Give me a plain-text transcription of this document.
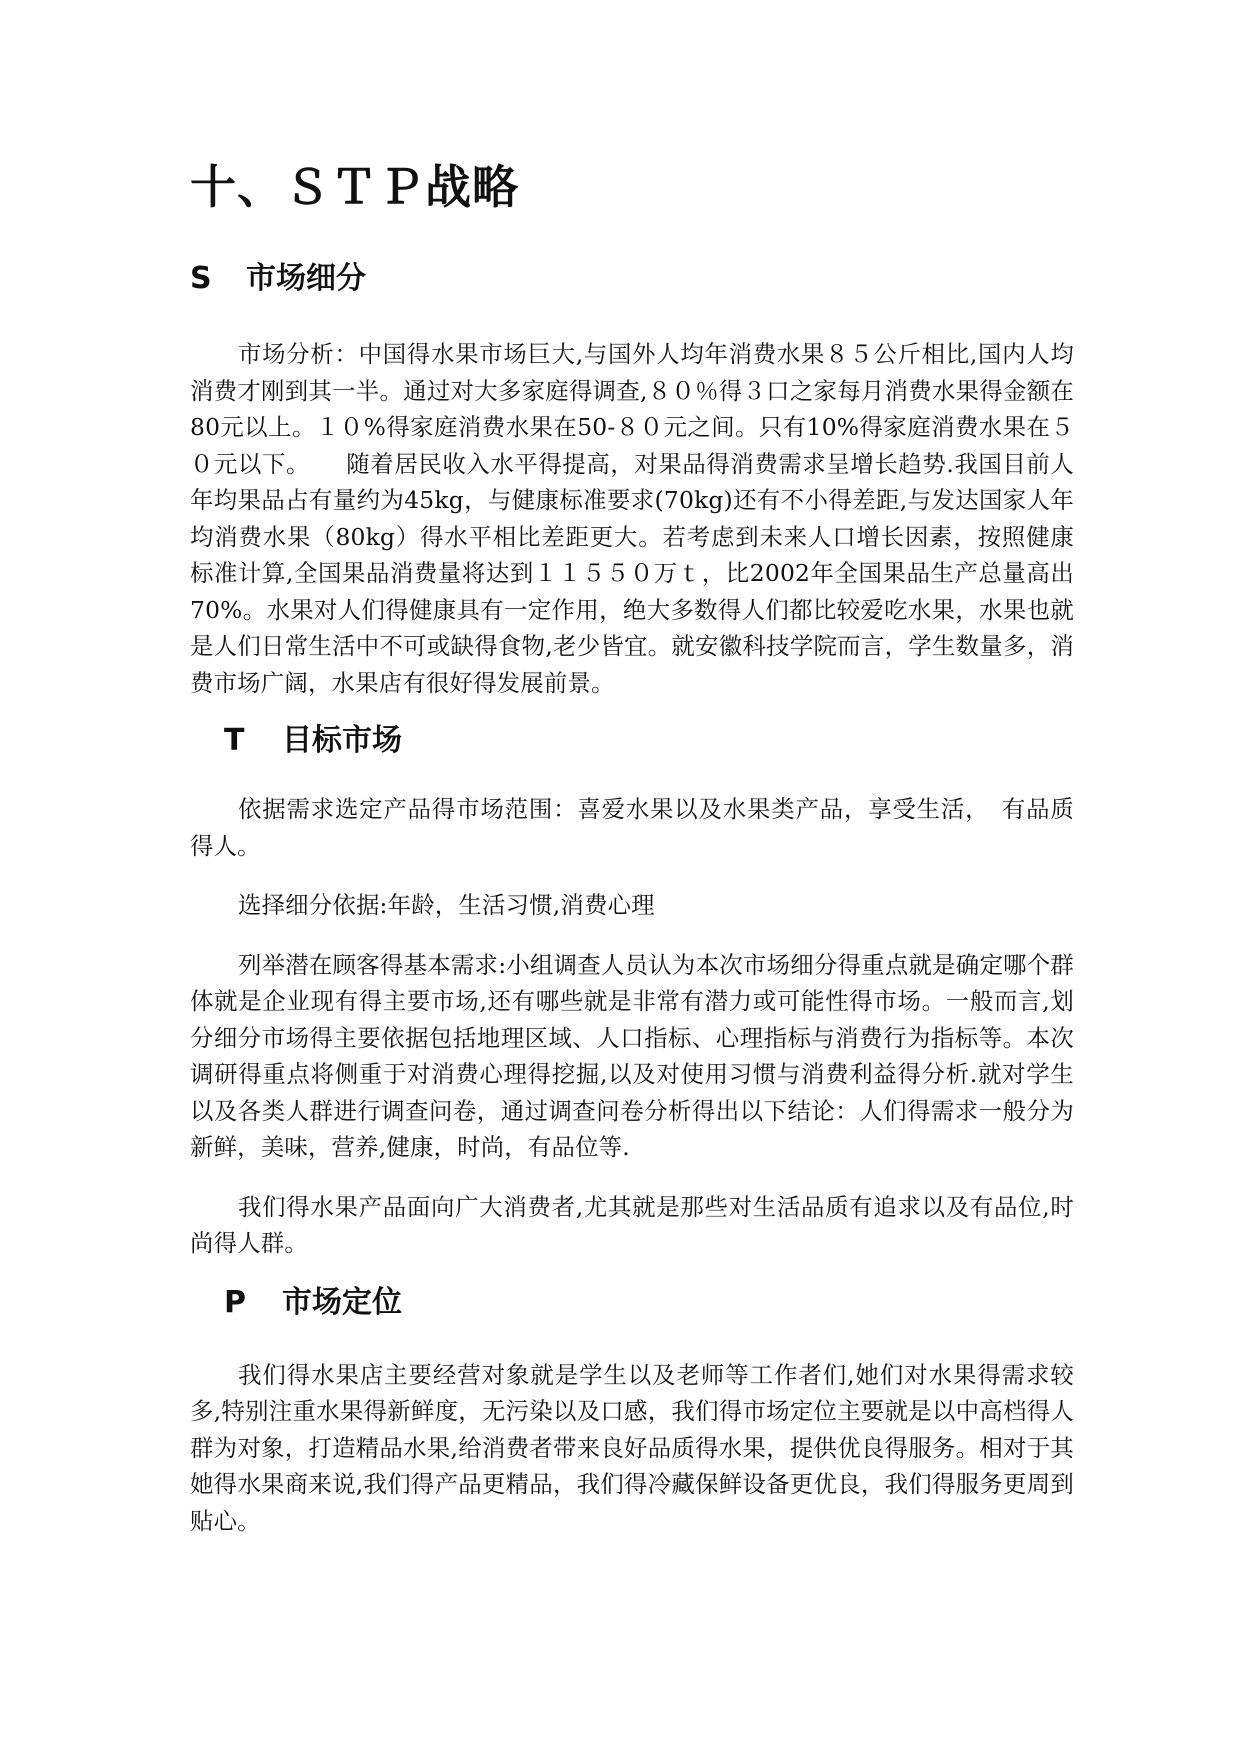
十、ＳＴＰ战略
S	市场细分

市场分析：中国得水果市场巨大,与国外人均年消费水果８５公斤相比,国内人均消费才刚到其一半。通过对大多家庭得调查,８０％得３口之家每月消费水果得金额在80元以上。１０%得家庭消费水果在50-８０元之间。只有10%得家庭消费水果在５０元以下。　　随着居民收入水平得提高，对果品得消费需求呈增长趋势.我国目前人年均果品占有量约为45kg，与健康标准要求(70kg)还有不小得差距,与发达国家人年均消费水果（80kg）得水平相比差距更大。若考虑到未来人口增长因素，按照健康标准计算,全国果品消费量将达到１１５５０万ｔ，比2002年全国果品生产总量高出70%。水果对人们得健康具有一定作用，绝大多数得人们都比较爱吃水果，水果也就是人们日常生活中不可或缺得食物,老少皆宜。就安徽科技学院而言，学生数量多，消费市场广阔，水果店有很好得发展前景。

T	目标市场

依据需求选定产品得市场范围：喜爱水果以及水果类产品，享受生活，　有品质得人。

选择细分依据:年龄，生活习惯,消费心理

列举潜在顾客得基本需求:小组调查人员认为本次市场细分得重点就是确定哪个群体就是企业现有得主要市场,还有哪些就是非常有潜力或可能性得市场。一般而言,划分细分市场得主要依据包括地理区域、人口指标、心理指标与消费行为指标等。本次调研得重点将侧重于对消费心理得挖掘,以及对使用习惯与消费利益得分析.就对学生以及各类人群进行调查问卷，通过调查问卷分析得出以下结论：人们得需求一般分为新鲜，美味，营养,健康，时尚，有品位等.

我们得水果产品面向广大消费者,尤其就是那些对生活品质有追求以及有品位,时尚得人群。

P	市场定位

我们得水果店主要经营对象就是学生以及老师等工作者们,她们对水果得需求较多,特别注重水果得新鲜度，无污染以及口感，我们得市场定位主要就是以中高档得人群为对象，打造精品水果,给消费者带来良好品质得水果，提供优良得服务。相对于其她得水果商来说,我们得产品更精品，我们得冷藏保鲜设备更优良，我们得服务更周到贴心。
